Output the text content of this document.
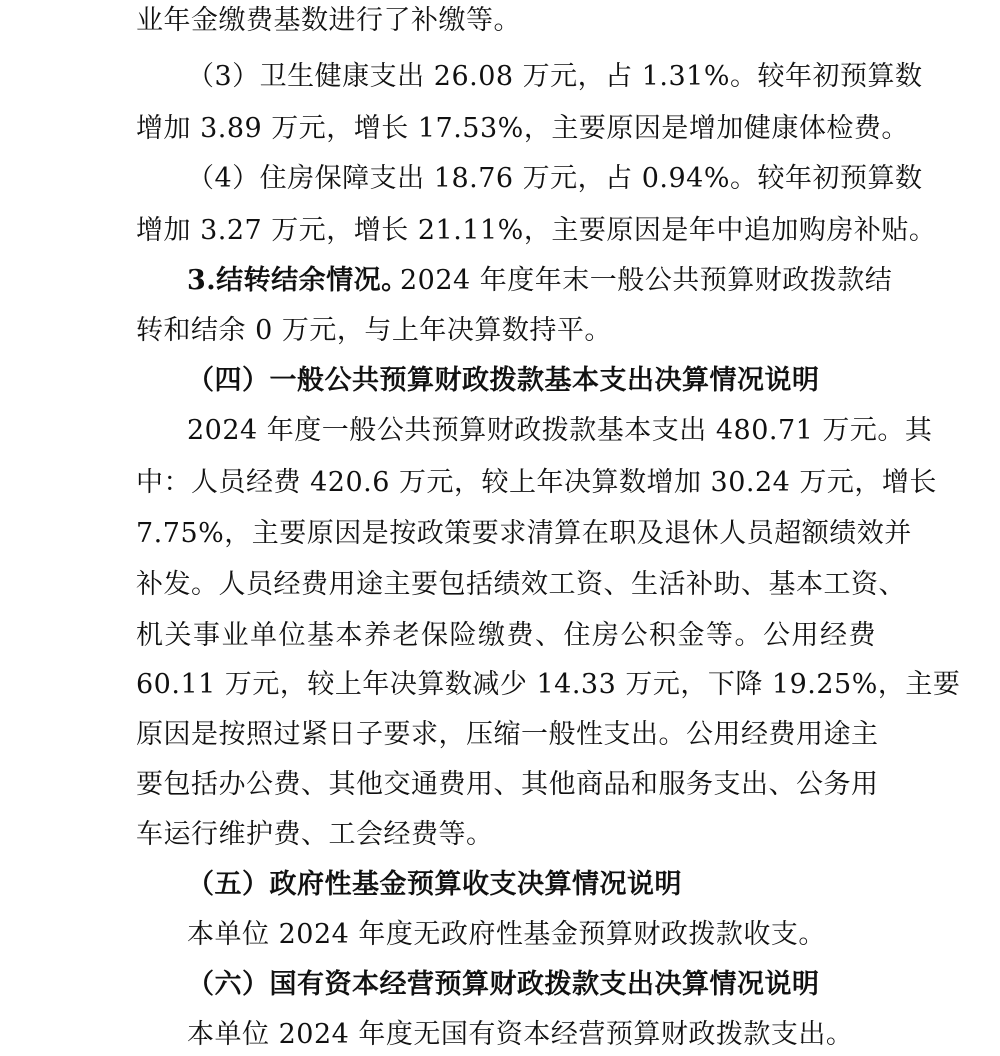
业年金缴费基数进行了补缴等。
（3）卫生健康支出 26.08 万元，占 1.31%。较年初预算数
增加 3.89 万元，增长 17.53%，主要原因是增加健康体检费。
（4）住房保障支出 18.76 万元，占 0.94%。较年初预算数
增加 3.27 万元，增长 21.11%，主要原因是年中追加购房补贴。
3.结转结余情况。
2024 年度年末一般公共预算财政拨款结
转和结余 0 万元，与上年决算数持平。
（四）一般公共预算财政拨款基本支出决算情况说明
2024 年度一般公共预算财政拨款基本支出 480.71 万元。其
中：人员经费 420.6 万元，较上年决算数增加 30.24 万元，增长
7.75%，主要原因是按政策要求清算在职及退休人员超额绩效并
补发。人员经费用途主要包括绩效工资、生活补助、基本工资、
机关事业单位基本养老保险缴费、住房公积金等。公用经费
60.11 万元，较上年决算数减少 14.33 万元，下降 19.25%，主要
原因是按照过紧日子要求，压缩一般性支出。公用经费用途主
要包括办公费、其他交通费用、其他商品和服务支出、公务用
车运行维护费、工会经费等。
（五）政府性基金预算收支决算情况说明
本单位 2024 年度无政府性基金预算财政拨款收支。
（六）国有资本经营预算财政拨款支出决算情况说明
本单位 2024 年度无国有资本经营预算财政拨款支出。
